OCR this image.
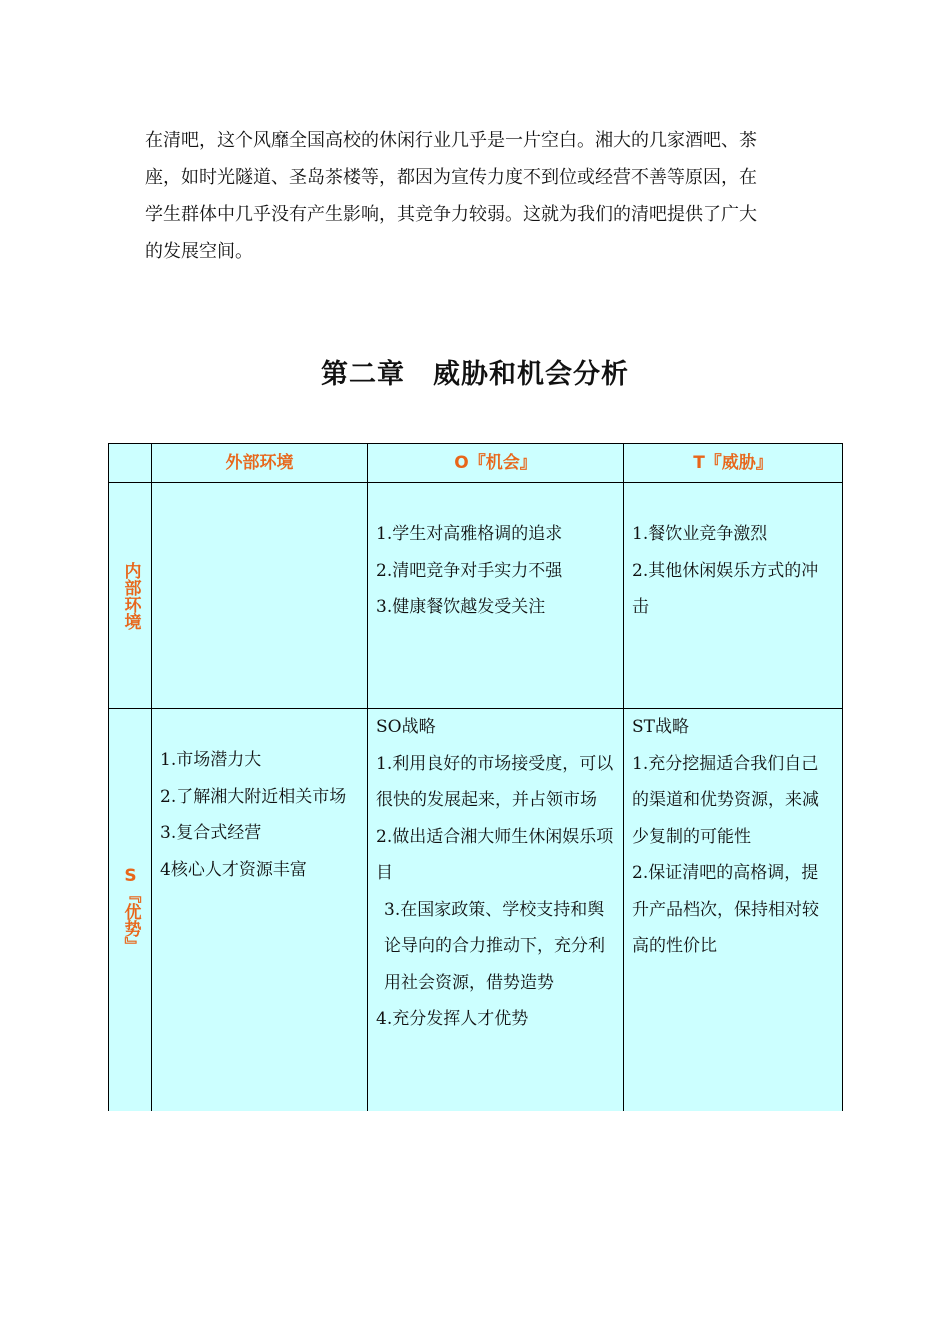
在清吧，这个风靡全国高校的休闲行业几乎是一片空白。湘大的几家酒吧、茶
座，如时光隧道、圣岛茶楼等，都因为宣传力度不到位或经营不善等原因，在
学生群体中几乎没有产生影响，其竞争力较弱。这就为我们的清吧提供了广大
的发展空间。

第二章　威胁和机会分析
	外部环境	O『机会』	T『威胁』

内部环境		1.学生对高雅格调的追求
2.清吧竞争对手实力不强
3.健康餐饮越发受关注	1.餐饮业竞争激烈
2.其他休闲娱乐方式的冲击

S『优势』	1.市场潜力大
2.了解湘大附近相关市场
3.复合式经营
4核心人才资源丰富	SO战略
1.利用良好的市场接受度，可以很快的发展起来，并占领市场
2.做出适合湘大师生休闲娱乐项目
3.在国家政策、学校支持和舆论导向的合力推动下，充分利用社会资源，借势造势
4.充分发挥人才优势	ST战略
1.充分挖掘适合我们自己的渠道和优势资源，来减少复制的可能性
2.保证清吧的高格调，提升产品档次，保持相对较高的性价比
